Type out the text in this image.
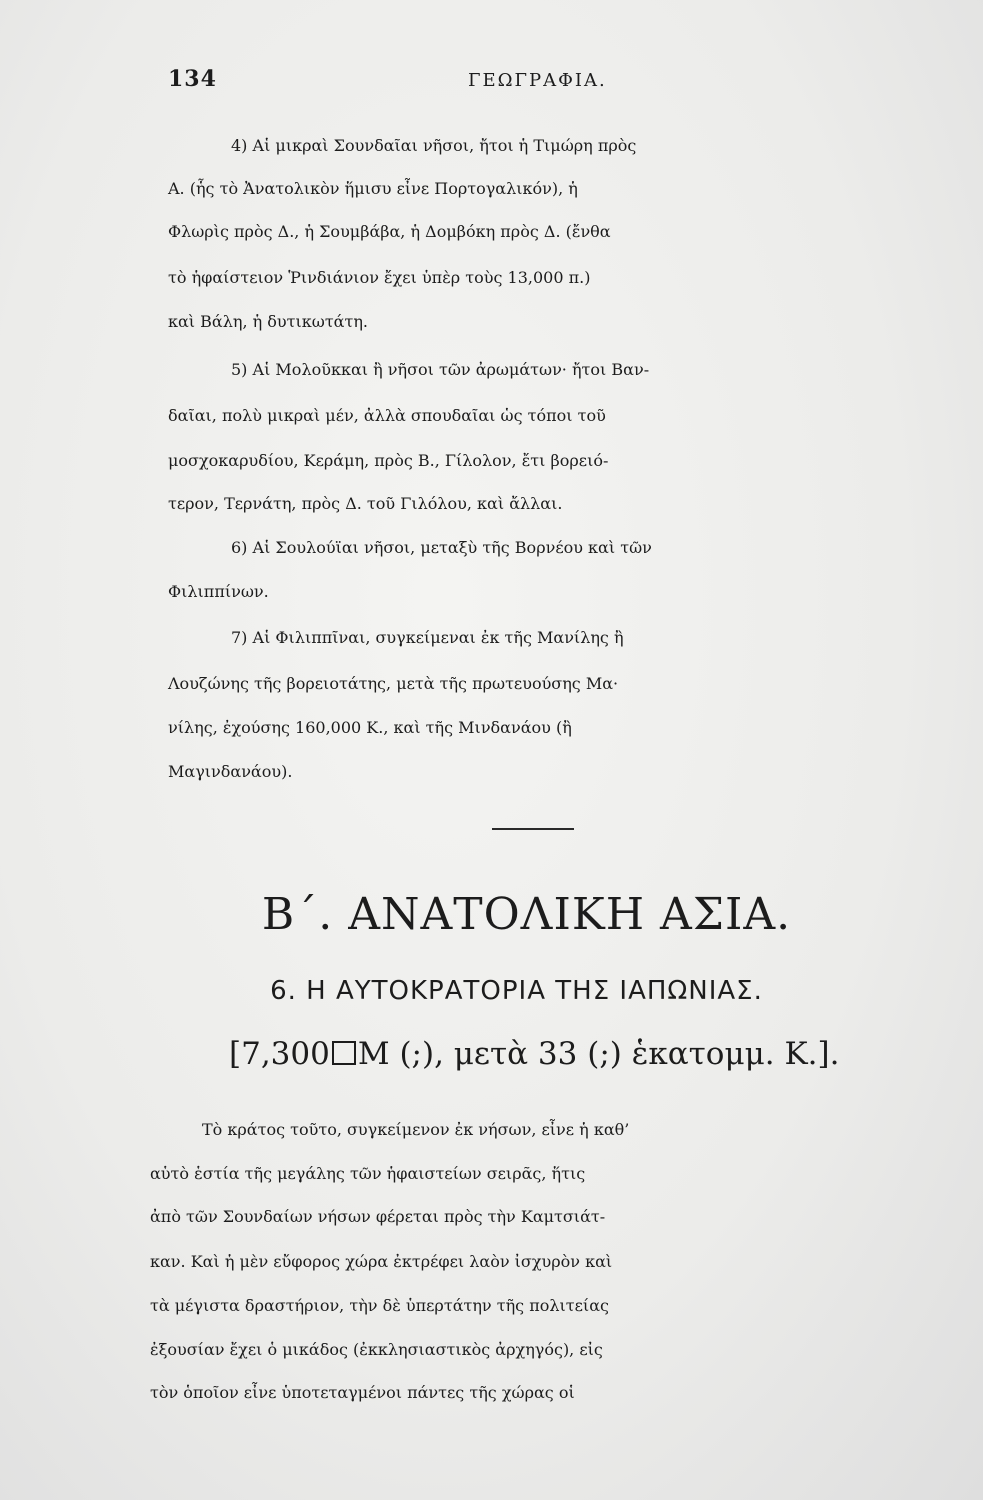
134	ΓΕΩΓΡΑΦΙΑ.
4) Αἱ μικραὶ Σουνδαῖαι νῆσοι, ἤτοι ἡ Τιμώρη πρὸς
Α. (ἧς τὸ Ἀνατολικὸν ἥμισυ εἶνε Πορτογαλικόν), ἡ
Φλωρὶς πρὸς Δ., ἡ Σουμβάβα, ἡ Δομβόκη πρὸς Δ. (ἔνθα
τὸ ἡφαίστειον Ῥινδιάνιον ἔχει ὑπὲρ τοὺς 13,000 π.)
καὶ Βάλη, ἡ δυτικωτάτη.
5) Αἱ Μολοῦκκαι ἢ νῆσοι τῶν ἀρωμάτων· ἤτοι Βαν-
δαῖαι, πολὺ μικραὶ μέν, ἀλλὰ σπουδαῖαι ὡς τόποι τοῦ
μοσχοκαρυδίου, Κεράμη, πρὸς Β., Γίλολον, ἔτι βορειό-
τερον, Τερνάτη, πρὸς Δ. τοῦ Γιλόλου, καὶ ἄλλαι.
6) Αἱ Σουλούϊαι νῆσοι, μεταξὺ τῆς Βορνέου καὶ τῶν
Φιλιππίνων.
7) Αἱ Φιλιππῖναι, συγκείμεναι ἐκ τῆς Μανίλης ἢ
Λουζώνης τῆς βορειοτάτης, μετὰ τῆς πρωτευούσης Μα·
νίλης, ἐχούσης 160,000 Κ., καὶ τῆς Μινδανάου (ἢ
Μαγινδανάου).
Β΄. ΑΝΑΤΟΛΙΚΗ ΑΣΙΑ.
6. Η ΑΥΤΟΚΡΑΤΟΡΙΑ ΤΗΣ ΙΑΠΩΝΙΑΣ.
[7,300 Μ (;), μετὰ 33 (;) ἑκατομμ. Κ.].
Τὸ κράτος τοῦτο, συγκείμενον ἐκ νήσων, εἶνε ἡ καθ’
αὑτὸ ἑστία τῆς μεγάλης τῶν ἡφαιστείων σειρᾶς, ἥτις
ἀπὸ τῶν Σουνδαίων νήσων φέρεται πρὸς τὴν Καμτσιάτ-
καν. Καὶ ἡ μὲν εὔφορος χώρα ἐκτρέφει λαὸν ἰσχυρὸν καὶ
τὰ μέγιστα δραστήριον, τὴν δὲ ὑπερτάτην τῆς πολιτείας
ἐξουσίαν ἔχει ὁ μικάδος (ἐκκλησιαστικὸς ἀρχηγός), εἰς
τὸν ὁποῖον εἶνε ὑποτεταγμένοι πάντες τῆς χώρας οἱ
